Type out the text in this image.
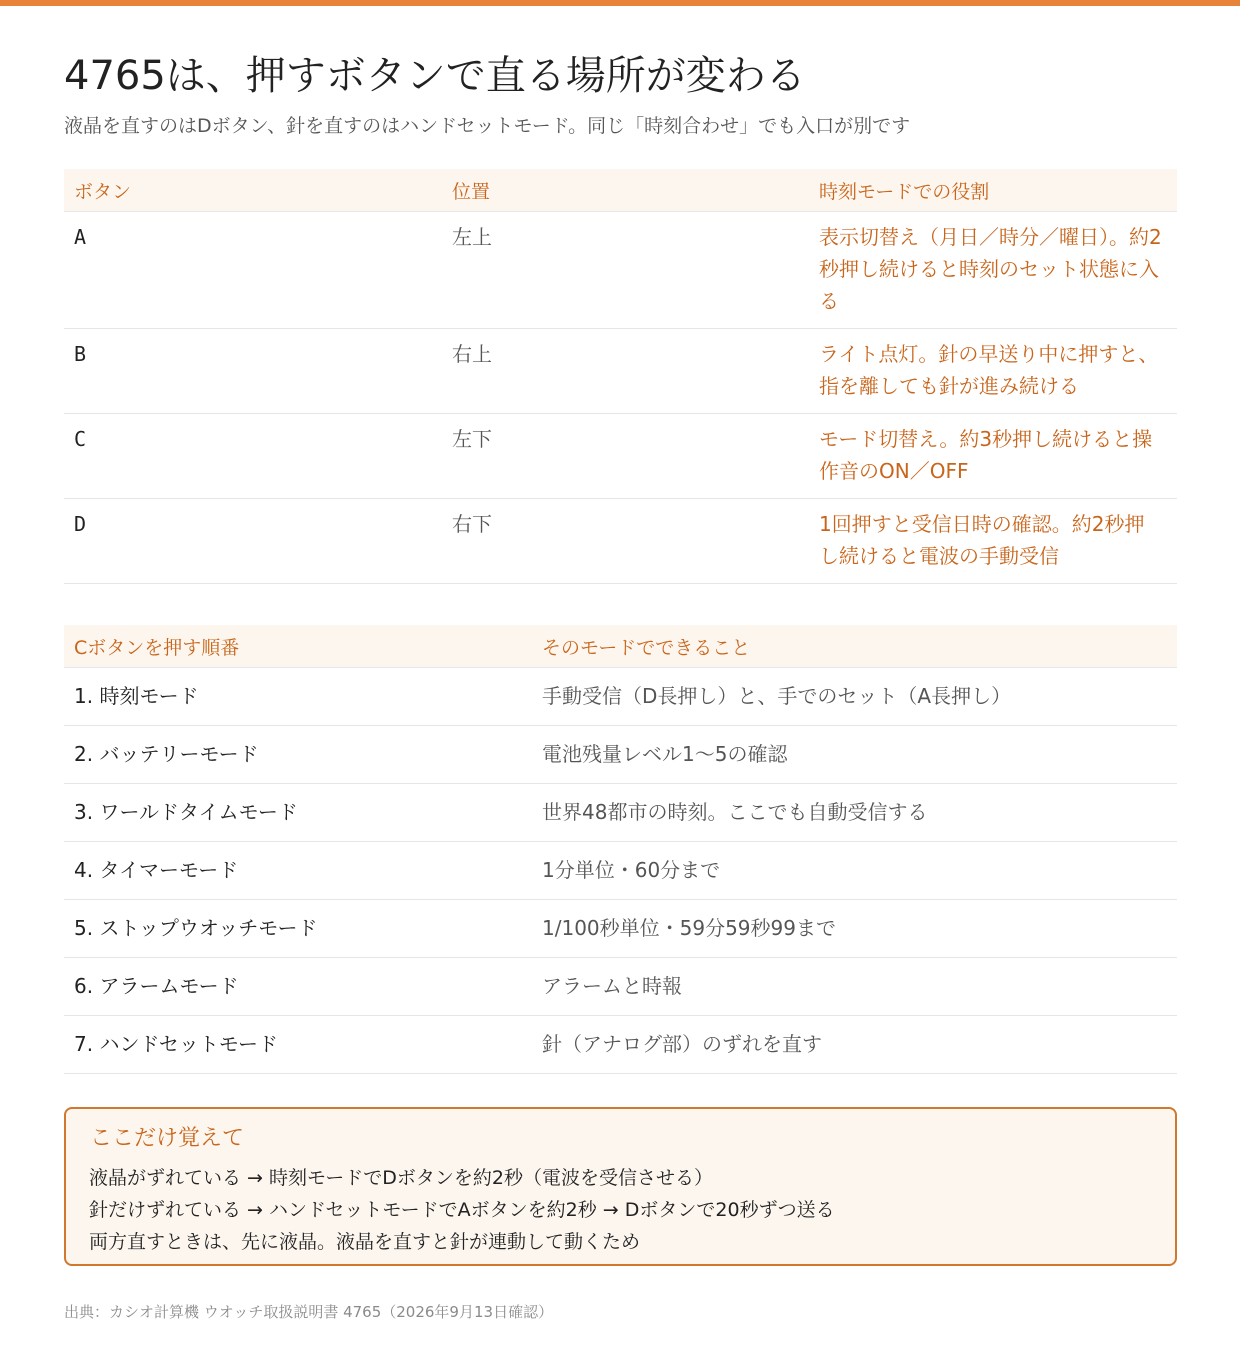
4765は、押すボタンで直る場所が変わる

液晶を直すのはDボタン、針を直すのはハンドセットモード。同じ「時刻合わせ」でも入口が別です

ボタン	位置	時刻モードでの役割
A	左上	表示切替え（月日／時分／曜日）。約2秒押し続けると時刻のセット状態に入る
B	右上	ライト点灯。針の早送り中に押すと、指を離しても針が進み続ける
C	左下	モード切替え。約3秒押し続けると操作音のON／OFF
D	右下	1回押すと受信日時の確認。約2秒押し続けると電波の手動受信
Cボタンを押す順番	そのモードでできること
1. 時刻モード	手動受信（D長押し）と、手でのセット（A長押し）
2. バッテリーモード	電池残量レベル1〜5の確認
3. ワールドタイムモード	世界48都市の時刻。ここでも自動受信する
4. タイマーモード	1分単位・60分まで
5. ストップウオッチモード	1/100秒単位・59分59秒99まで
6. アラームモード	アラームと時報
7. ハンドセットモード	針（アナログ部）のずれを直す
ここだけ覚えて
液晶がずれている → 時刻モードでDボタンを約2秒（電波を受信させる）
針だけずれている → ハンドセットモードでAボタンを約2秒 → Dボタンで20秒ずつ送る
両方直すときは、先に液晶。液晶を直すと針が連動して動くため
出典：カシオ計算機 ウオッチ取扱説明書 4765（2026年9月13日確認）
